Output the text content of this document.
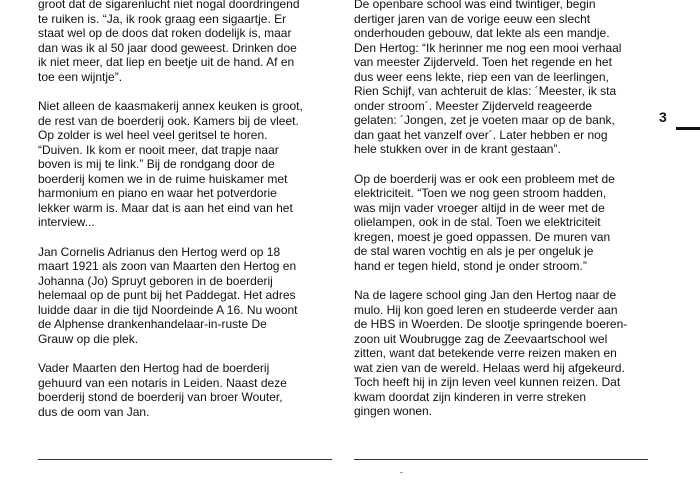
groot dat de sigarenlucht niet nogal doordringend
te ruiken is. “Ja, ik rook graag een sigaartje. Er
staat wel op de doos dat roken dodelijk is, maar
dan was ik al 50 jaar dood geweest. Drinken doe
ik niet meer, dat liep en beetje uit de hand. Af en
toe een wijntje”.

Niet alleen de kaasmakerij annex keuken is groot,
de rest van de boerderij ook. Kamers bij de vleet.
Op zolder is wel heel veel geritsel te horen.
“Duiven. Ik kom er nooit meer, dat trapje naar
boven is mij te link.” Bij de rondgang door de
boerderij komen we in de ruime huiskamer met
harmonium en piano en waar het potverdorie
lekker warm is. Maar dat is aan het eind van het
interview...

Jan Cornelis Adrianus den Hertog werd op 18
maart 1921 als zoon van Maarten den Hertog en
Johanna (Jo) Spruyt geboren in de boerderij
helemaal op de punt bij het Paddegat. Het adres
luidde daar in die tijd Noordeinde A 16. Nu woont
de Alphense drankenhandelaar-in-ruste De
Grauw op die plek.

Vader Maarten den Hertog had de boerderij
gehuurd van een notaris in Leiden. Naast deze
boerderij stond de boerderij van broer Wouter,
dus de oom van Jan.

De openbare school was eind twintiger, begin
dertiger jaren van de vorige eeuw een slecht
onderhouden gebouw, dat lekte als een mandje.
Den Hertog: “Ik herinner me nog een mooi verhaal
van meester Zijderveld. Toen het regende en het
dus weer eens lekte, riep een van de leerlingen,
Rien Schijf, van achteruit de klas: ´Meester, ik sta
onder stroom´. Meester Zijderveld reageerde
gelaten: ´Jongen, zet je voeten maar op de bank,
dan gaat het vanzelf over´. Later hebben er nog
hele stukken over in de krant gestaan”.

Op de boerderij was er ook een probleem met de
elektriciteit. “Toen we nog geen stroom hadden,
was mijn vader vroeger altijd in de weer met de
olielampen, ook in de stal. Toen we elektriciteit
kregen, moest je goed oppassen. De muren van
de stal waren vochtig en als je per ongeluk je
hand er tegen hield, stond je onder stroom.”

Na de lagere school ging Jan den Hertog naar de
mulo. Hij kon goed leren en studeerde verder aan
de HBS in Woerden. De slootje springende boeren-
zoon uit Woubrugge zag de Zeevaartschool wel
zitten, want dat betekende verre reizen maken en
wat zien van de wereld. Helaas werd hij afgekeurd.
Toch heeft hij in zijn leven veel kunnen reizen. Dat
kwam doordat zijn kinderen in verre streken
gingen wonen.

3
